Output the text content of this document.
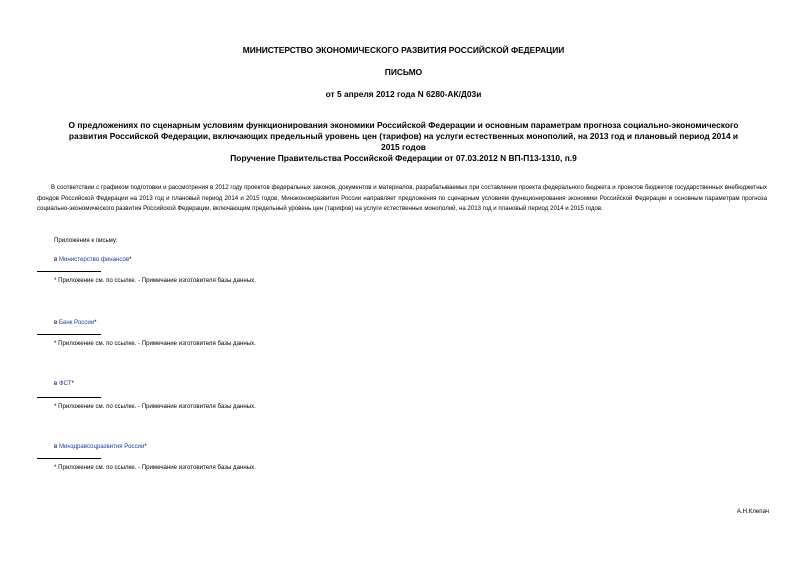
МИНИСТЕРСТВО ЭКОНОМИЧЕСКОГО РАЗВИТИЯ РОССИЙСКОЙ ФЕДЕРАЦИИ
ПИСЬМО
от 5 апреля 2012 года N 6280-АК/Д03и
О предложениях по сценарным условиям функционирования экономики Российской Федерации и основным параметрам прогноза социально-экономического
развития Российской Федерации, включающих предельный уровень цен (тарифов) на услуги естественных монополий, на 2013 год и плановый период 2014 и
2015 годов
Поручение Правительства Российской Федерации от 07.03.2012 N ВП-П13-1310, п.9
В соответствии с графиком подготовки и рассмотрения в 2012 году проектов федеральных законов, документов и материалов, разрабатываемых при составлении проекта федерального бюджета и проектов бюджетов государственных внебюджетных фондов Российской Федерации на 2013 год и плановый период 2014 и 2015 годов, Минэкономразвития России направляет предложения по сценарным условиям функционирования экономики Российской Федерации и основным параметрам прогноза социально-экономического развития Российской Федерации, включающим предельный уровень цен (тарифов) на услуги естественных монополий, на 2013 год и плановый период 2014 и 2015 годов.
Приложения к письму:
в Министерство финансов*
* Приложение см. по ссылке. - Примечание изготовителя базы данных.
в Банк России*
* Приложение см. по ссылке. - Примечание изготовителя базы данных.
в ФСТ*
* Приложение см. по ссылке. - Примечание изготовителя базы данных.
в Минздравсоцразвития России*
* Приложение см. по ссылке. - Примечание изготовителя базы данных.
А.Н.Клепач
